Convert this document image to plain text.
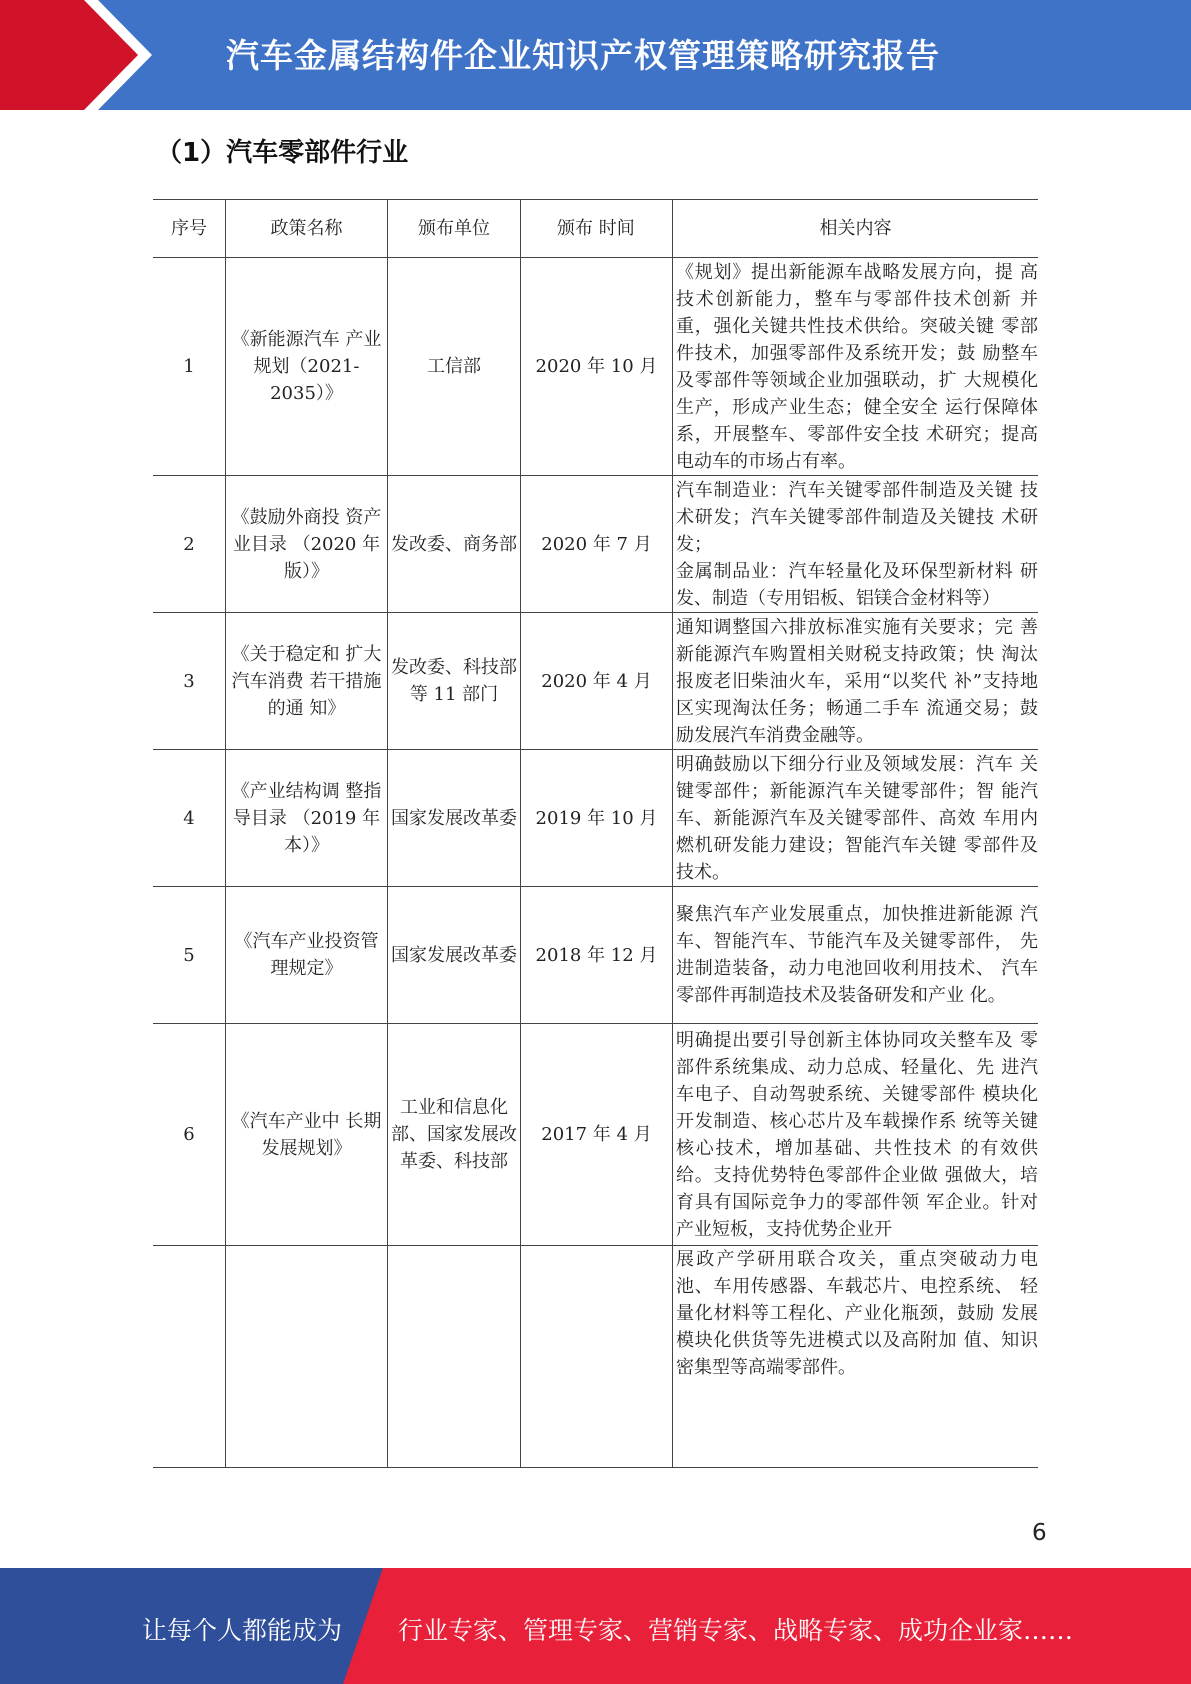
汽车金属结构件企业知识产权管理策略研究报告
（1）汽车零部件行业
序号	政策名称	颁布单位	颁布 时间	相关内容
1	《新能源汽车 产业规划（2021-2035）》	工信部	2020 年 10 月	《规划》提出新能源车战略发展方向，提 高技术创新能力，整车与零部件技术创新 并重，强化关键共性技术供给。突破关键 零部件技术，加强零部件及系统开发；鼓 励整车及零部件等领域企业加强联动，扩 大规模化生产，形成产业生态；健全安全 运行保障体系，开展整车、零部件安全技 术研究；提高电动车的市场占有率。
2	《鼓励外商投 资产业目录 （2020 年版）》	发改委、商务部	2020 年 7 月	汽车制造业：汽车关键零部件制造及关键 技术研发；汽车关键零部件制造及关键技 术研发；
金属制品业：汽车轻量化及环保型新材料 研发、制造（专用铝板、铝镁合金材料等）

3	《关于稳定和 扩大汽车消费 若干措施的通 知》	发改委、科技部等 11 部门	2020 年 4 月	通知调整国六排放标准实施有关要求；完 善新能源汽车购置相关财税支持政策；快 淘汰报废老旧柴油火车，采用“以奖代 补”支持地区实现淘汰任务；畅通二手车 流通交易；鼓励发展汽车消费金融等。
4	《产业结构调 整指导目录 （2019 年本）》	国家发展改革委	2019 年 10 月	明确鼓励以下细分行业及领域发展：汽车 关键零部件；新能源汽车关键零部件；智 能汽车、新能源汽车及关键零部件、高效 车用内燃机研发能力建设；智能汽车关键 零部件及技术。
5	《汽车产业投资管理规定》	国家发展改革委	2018 年 12 月	聚焦汽车产业发展重点，加快推进新能源 汽车、智能汽车、节能汽车及关键零部件， 先进制造装备，动力电池回收利用技术、 汽车零部件再制造技术及装备研发和产业 化。
6	《汽车产业中 长期发展规划》	工业和信息化部、国家发展改革委、科技部	2017 年 4 月	明确提出要引导创新主体协同攻关整车及 零部件系统集成、动力总成、轻量化、先 进汽车电子、自动驾驶系统、关键零部件 模块化开发制造、核心芯片及车载操作系 统等关键核心技术，增加基础、共性技术 的有效供给。支持优势特色零部件企业做 强做大，培育具有国际竞争力的零部件领 军企业。针对产业短板，支持优势企业开
				展政产学研用联合攻关，重点突破动力电 池、车用传感器、车载芯片、电控系统、 轻量化材料等工程化、产业化瓶颈，鼓励 发展模块化供货等先进模式以及高附加 值、知识密集型等高端零部件。
6
让每个人都能成为 行业专家、管理专家、营销专家、战略专家、成功企业家……
